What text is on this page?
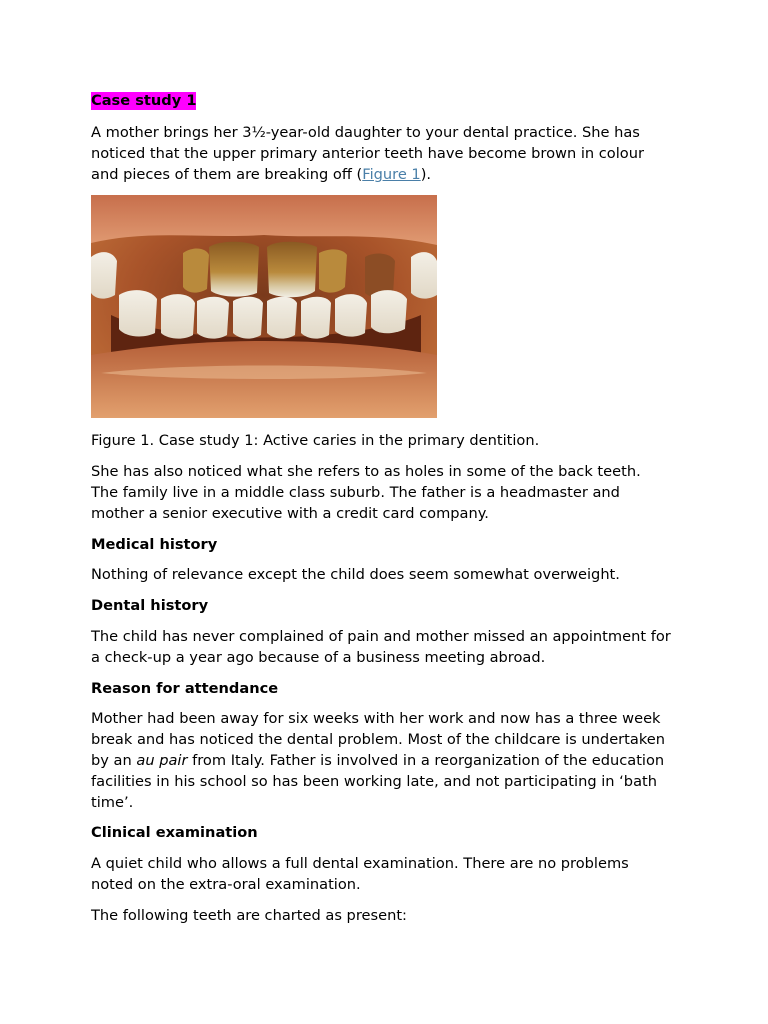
Case study 1

A mother brings her 3½-year-old daughter to your dental practice. She has noticed that the upper primary anterior teeth have become brown in colour and pieces of them are breaking off (Figure 1).

Figure 1. Case study 1: Active caries in the primary dentition.

She has also noticed what she refers to as holes in some of the back teeth. The family live in a middle class suburb. The father is a headmaster and mother a senior executive with a credit card company.

Medical history

Nothing of relevance except the child does seem somewhat overweight.

Dental history

The child has never complained of pain and mother missed an appointment for a check-up a year ago because of a business meeting abroad.

Reason for attendance

Mother had been away for six weeks with her work and now has a three week break and has noticed the dental problem. Most of the childcare is undertaken by an au pair from Italy. Father is involved in a reorganization of the education facilities in his school so has been working late, and not participating in ‘bath time’.

Clinical examination

A quiet child who allows a full dental examination. There are no problems noted on the extra-oral examination.

The following teeth are charted as present:
